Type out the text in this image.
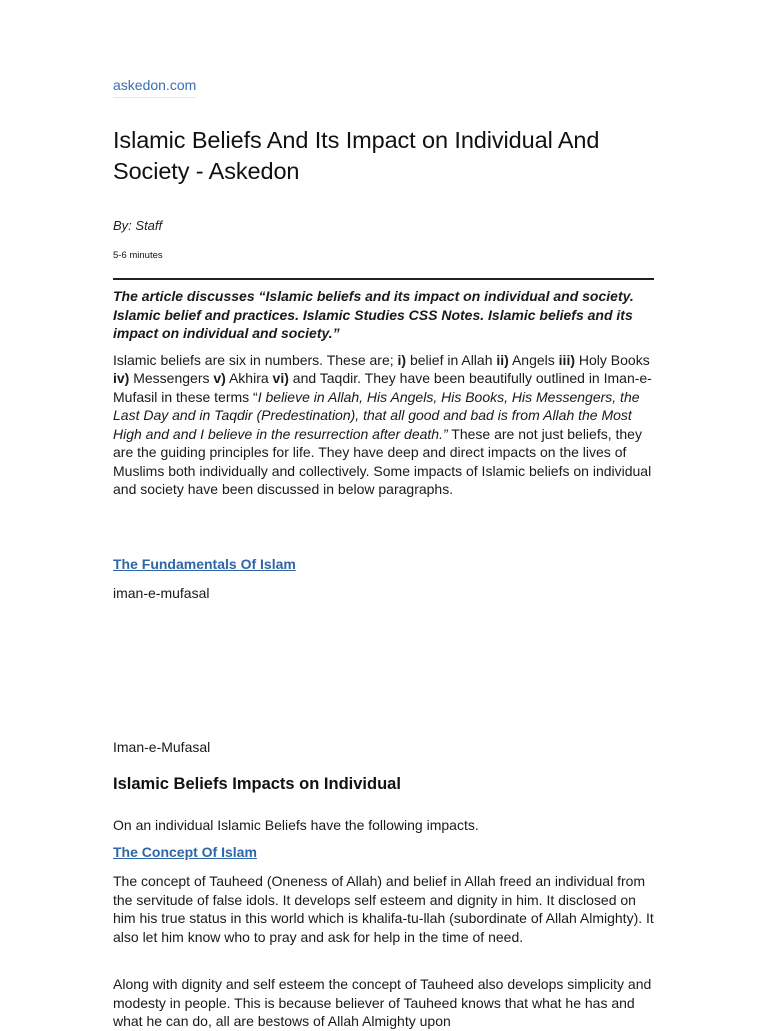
askedon.com
Islamic Beliefs And Its Impact on Individual And Society - Askedon
By: Staff
5-6 minutes

The article discusses “Islamic beliefs and its impact on individual and society. Islamic belief and practices. Islamic Studies CSS Notes. Islamic beliefs and its impact on individual and society.”

Islamic beliefs are six in numbers. These are; i) belief in Allah ii) Angels iii) Holy Books iv) Messengers v) Akhira vi) and Taqdir. They have been beautifully outlined in Iman-e-Mufasil in these terms “I believe in Allah, His Angels, His Books, His Messengers, the Last Day and in Taqdir (Predestination), that all good and bad is from Allah the Most High and and I believe in the resurrection after death.” These are not just beliefs, they are the guiding principles for life. They have deep and direct impacts on the lives of Muslims both individually and collectively. Some impacts of Islamic beliefs on individual and society have been discussed in below paragraphs.

The Fundamentals Of Islam
iman-e-mufasal
Iman-e-Mufasal
Islamic Beliefs Impacts on Individual
On an individual Islamic Beliefs have the following impacts.
The Concept Of Islam

The concept of Tauheed (Oneness of Allah) and belief in Allah freed an individual from the servitude of false idols. It develops self esteem and dignity in him. It disclosed on him his true status in this world which is khalifa-tu-llah (subordinate of Allah Almighty). It also let him know who to pray and ask for help in the time of need.

Along with dignity and self esteem the concept of Tauheed also develops simplicity and modesty in people. This is because believer of Tauheed knows that what he has and what he can do, all are bestows of Allah Almighty upon
